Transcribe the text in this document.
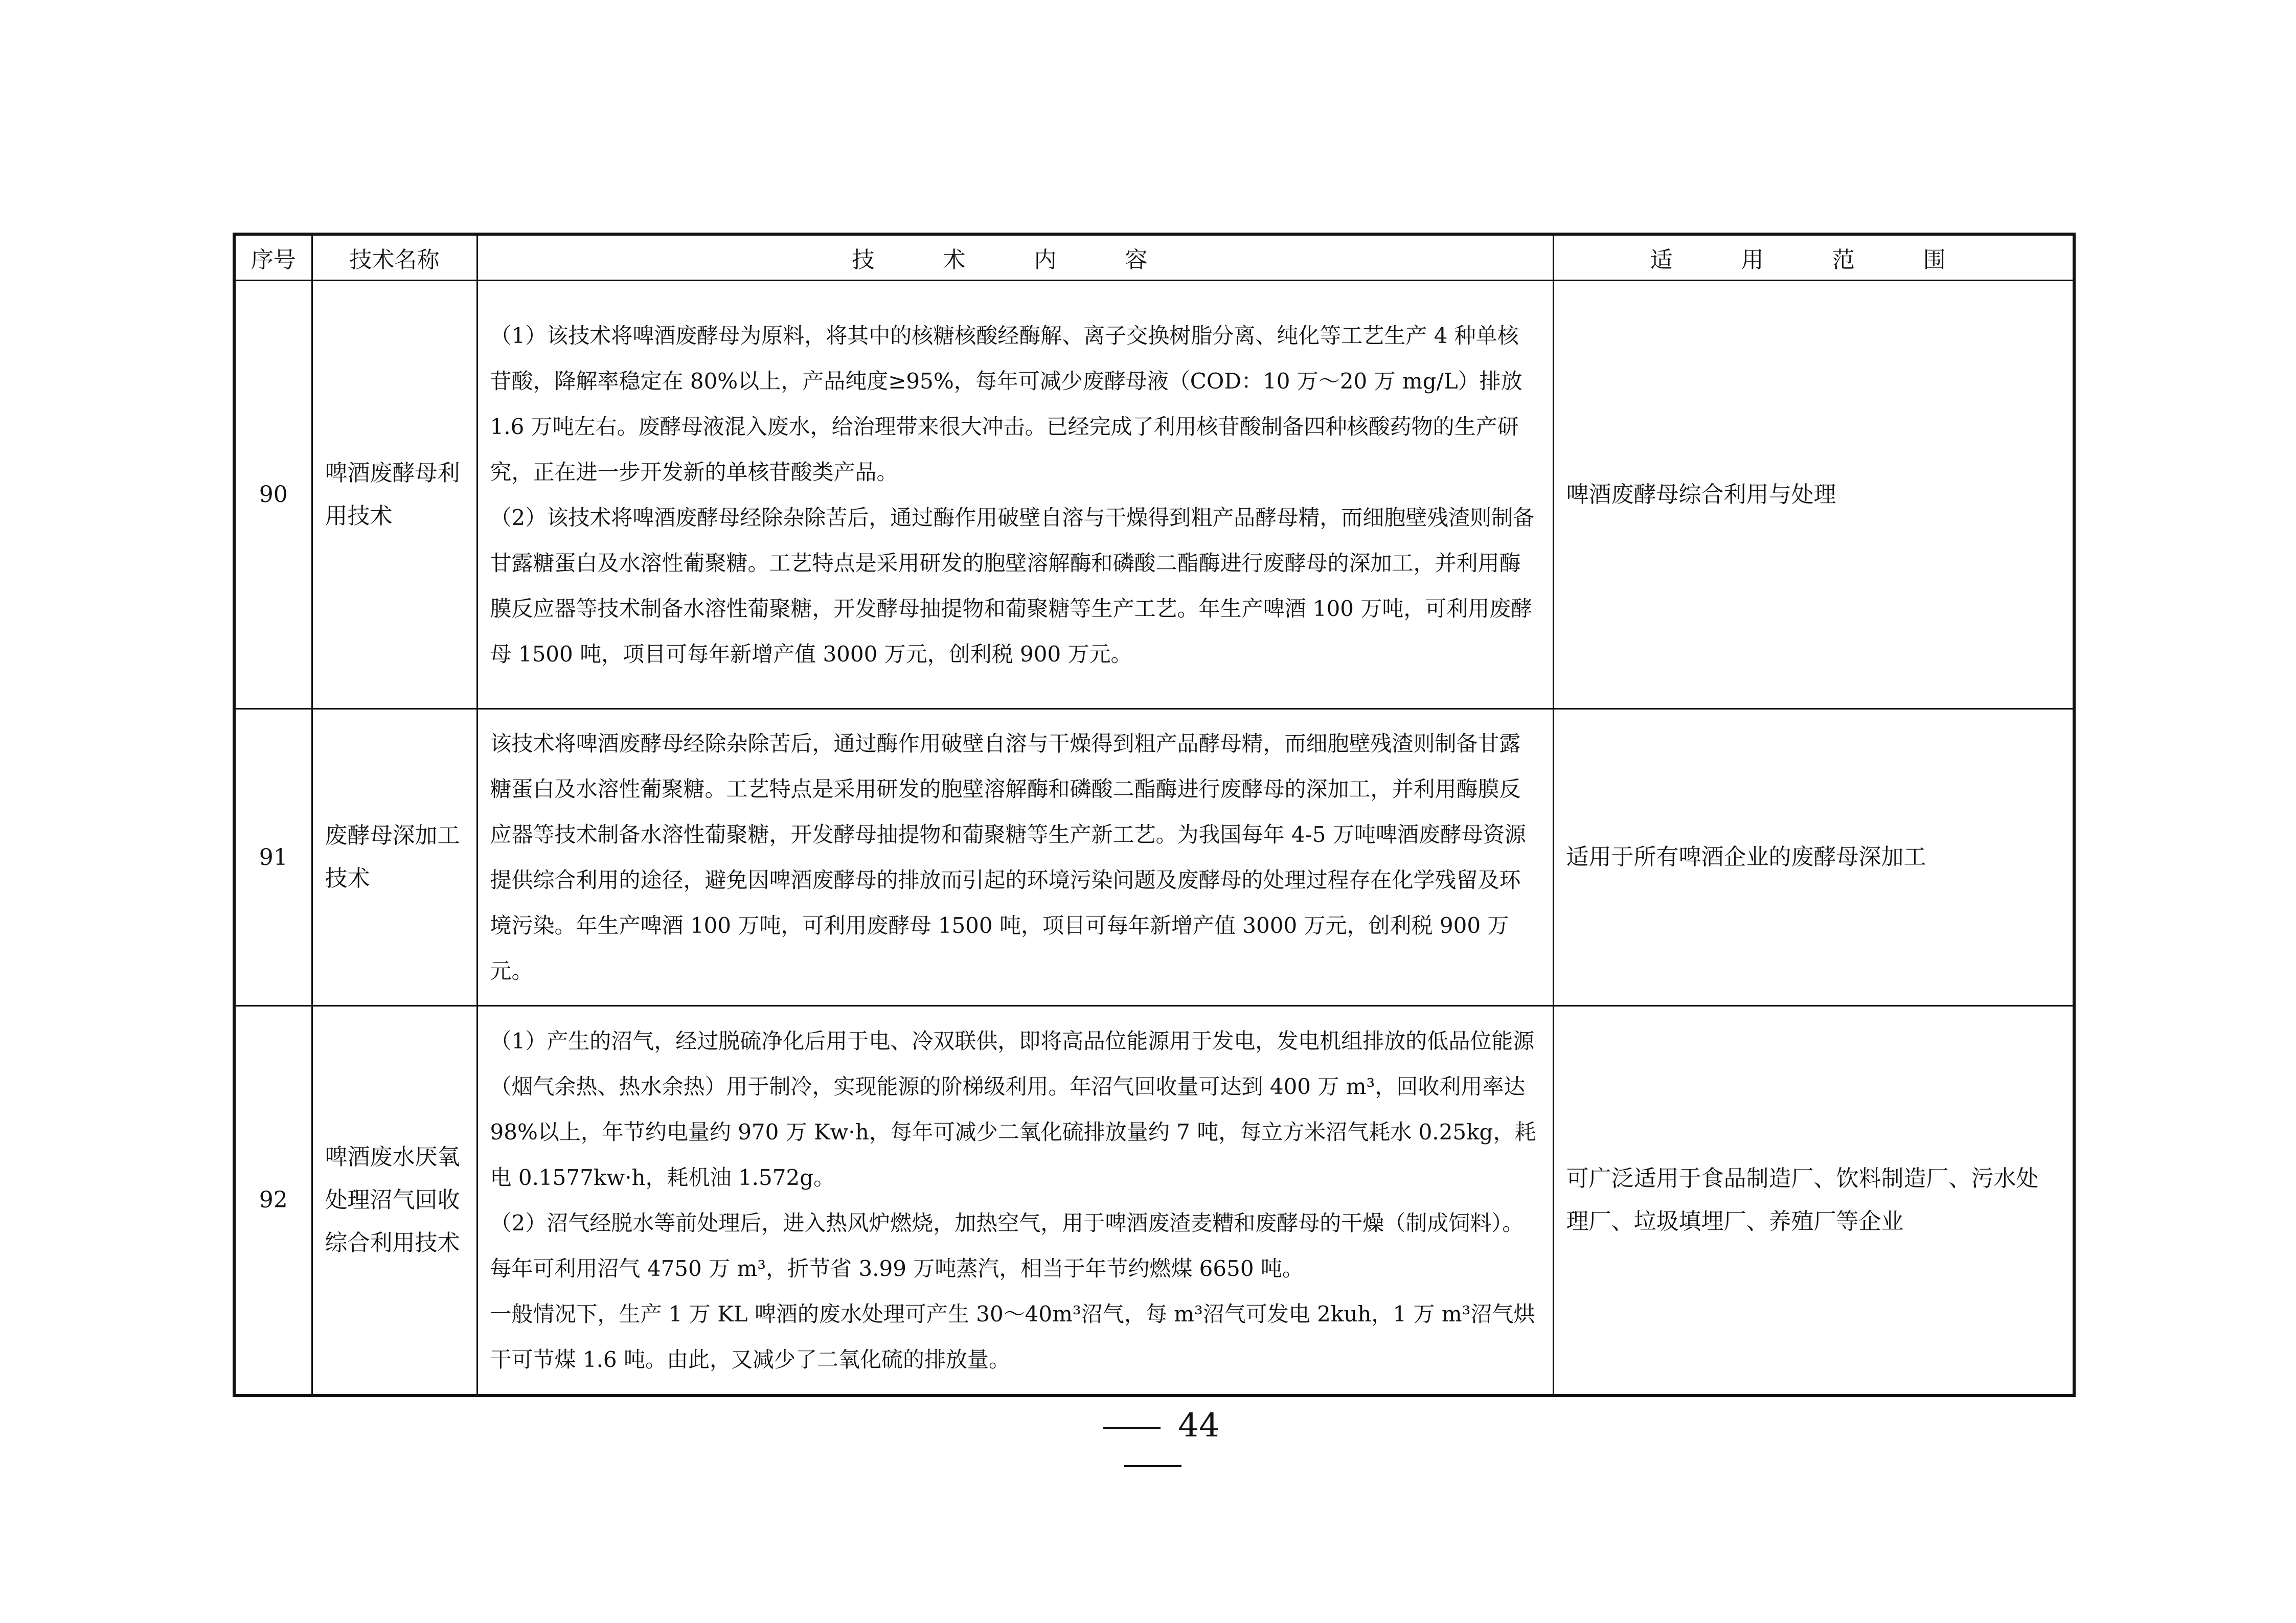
序号	技术名称	技 术 内 容	适 用 范 围
90	啤酒废酵母利用技术	（1）该技术将啤酒废酵母为原料，将其中的核糖核酸经酶解、离子交换树脂分离、纯化等工艺生产 4 种单核苷酸，降解率稳定在 80%以上，产品纯度≥95%，每年可减少废酵母液（COD：10 万～20 万 mg/L）排放 1.6 万吨左右。废酵母液混入废水，给治理带来很大冲击。已经完成了利用核苷酸制备四种核酸药物的生产研究，正在进一步开发新的单核苷酸类产品。

（2）该技术将啤酒废酵母经除杂除苦后，通过酶作用破壁自溶与干燥得到粗产品酵母精，而细胞壁残渣则制备甘露糖蛋白及水溶性葡聚糖。工艺特点是采用研发的胞壁溶解酶和磷酸二酯酶进行废酵母的深加工，并利用酶膜反应器等技术制备水溶性葡聚糖，开发酵母抽提物和葡聚糖等生产工艺。年生产啤酒 100 万吨，可利用废酵母 1500 吨，项目可每年新增产值 3000 万元，创利税 900 万元。	啤酒废酵母综合利用与处理
91	废酵母深加工技术	该技术将啤酒废酵母经除杂除苦后，通过酶作用破壁自溶与干燥得到粗产品酵母精，而细胞壁残渣则制备甘露糖蛋白及水溶性葡聚糖。工艺特点是采用研发的胞壁溶解酶和磷酸二酯酶进行废酵母的深加工，并利用酶膜反应器等技术制备水溶性葡聚糖，开发酵母抽提物和葡聚糖等生产新工艺。为我国每年 4-5 万吨啤酒废酵母资源提供综合利用的途径，避免因啤酒废酵母的排放而引起的环境污染问题及废酵母的处理过程存在化学残留及环境污染。年生产啤酒 100 万吨，可利用废酵母 1500 吨，项目可每年新增产值 3000 万元，创利税 900 万元。	适用于所有啤酒企业的废酵母深加工
92	啤酒废水厌氧处理沼气回收综合利用技术	（1）产生的沼气，经过脱硫净化后用于电、冷双联供，即将高品位能源用于发电，发电机组排放的低品位能源（烟气余热、热水余热）用于制冷，实现能源的阶梯级利用。年沼气回收量可达到 400 万 m³，回收利用率达 98%以上，年节约电量约 970 万 Kw·h，每年可减少二氧化硫排放量约 7 吨，每立方米沼气耗水 0.25kg，耗电 0.1577kw·h，耗机油 1.572g。

（2）沼气经脱水等前处理后，进入热风炉燃烧，加热空气，用于啤酒废渣麦糟和废酵母的干燥（制成饲料）。每年可利用沼气 4750 万 m³，折节省 3.99 万吨蒸汽，相当于年节约燃煤 6650 吨。

一般情况下，生产 1 万 KL 啤酒的废水处理可产生 30～40m³沼气，每 m³沼气可发电 2kuh，1 万 m³沼气烘干可节煤 1.6 吨。由此，又减少了二氧化硫的排放量。	可广泛适用于食品制造厂、饮料制造厂、污水处理厂、垃圾填埋厂、养殖厂等企业
44
